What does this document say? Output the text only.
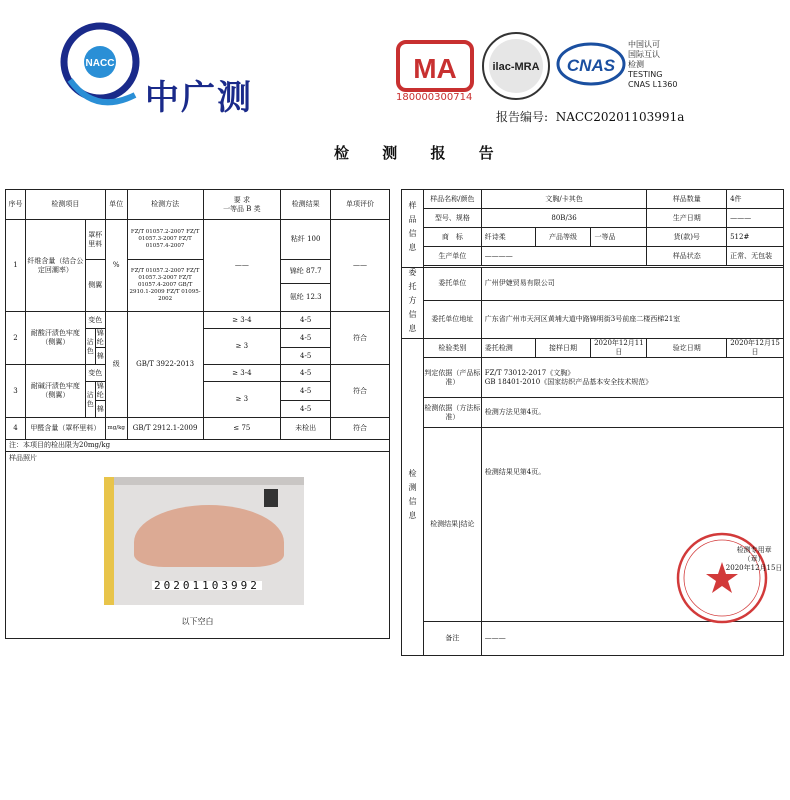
NACC
中广测
MA
180000300714
ilac-MRA CNAS
中国认可
国际互认
检测
TESTING
CNAS L1360
报告编号: NACC20201103991a
检 测 报 告
序号	检测项目			单位	检测方法	要 求
一等品 B 类	检测结果	单项评价
1	纤维含量（结合公定回潮率）	罩杯里料		%	FZ/T 01057.2-2007 FZ/T 01057.3-2007 FZ/T 01057.4-2007	——	粘纤 100	——
		侧翼			FZ/T 01057.2-2007 FZ/T 01057.3-2007 FZ/T 01057.4-2007 GB/T 2910.1-2009 FZ/T 01095-2002		锦纶 87.7	
							氨纶 12.3	
2	耐酸汗渍色牢度（侧翼）	变色		级	GB/T 3922-2013	≥ 3-4	4-5	符合
		沾色	锦纶			≥ 3	4-5	
			棉				4-5	
3	耐碱汗渍色牢度（侧翼）	变色				≥ 3-4	4-5	符合
		沾色	锦纶			≥ 3	4-5	
			棉				4-5	
4	甲醛含量（罩杯里料）			mg/kg	GB/T 2912.1-2009	≤ 75	未检出	符合
注：本项目的检出限为20mg/kg								
样品照片								

20201103992
以下空白								
样品信息	样品名称/颜色	文胸/卡其色			样品数量	4件
	型号、规格	80B/36			生产日期	———
	商　标	纤诗柔	产品等级	一等品	货(款)号	512#
	生产单位	————			样品状态	正常、无包装

委托方信息	委托单位	广州伊婕贸易有限公司				
	委托单位地址	广东省广州市天河区黄埔大道中路锦明街3号前座二楼西梯21室				
检测信息	检验类别	委托检测	接样日期	2020年12月11日	验讫日期	2020年12月15日
	判定依据（产品标准）	FZ/T 73012-2017《文胸》
GB 18401-2010《国家纺织产品基本安全技术规范》				

	检测依据（方法标准）	检测方法见第4页。				
	检测结果|结论	检测结果见第4页。
检测专用章
（章）
2020年12月15日				

	备注	———				
